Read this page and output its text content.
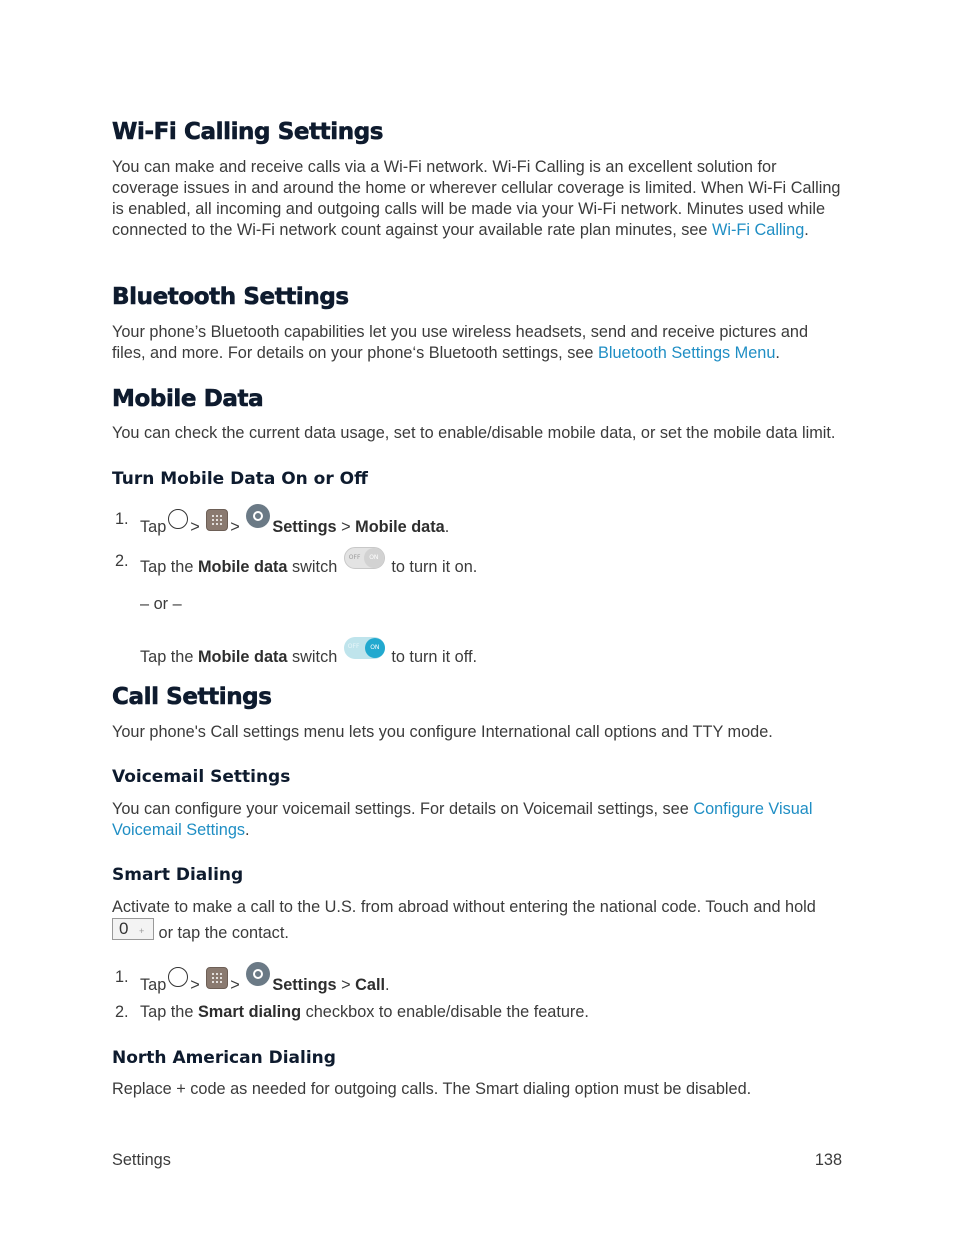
Wi-Fi Calling Settings

You can make and receive calls via a Wi-Fi network. Wi-Fi Calling is an excellent solution for coverage issues in and around the home or wherever cellular coverage is limited. When Wi-Fi Calling is enabled, all incoming and outgoing calls will be made via your Wi-Fi network. Minutes used while connected to the Wi-Fi network count against your available rate plan minutes, see Wi-Fi Calling.

Bluetooth Settings

Your phone’s Bluetooth capabilities let you use wireless headsets, send and receive pictures and files, and more. For details on your phone‘s Bluetooth settings, see Bluetooth Settings Menu.

Mobile Data

You can check the current data usage, set to enable/disable mobile data, or set the mobile data limit.

Turn Mobile Data On or Off
1. Tap > > Settings > Mobile data.
2. Tap the Mobile data switch
OFF	ON
to turn it on.

– or –

Tap the Mobile data switch
OFF	ON
to turn it off.
Call Settings

Your phone's Call settings menu lets you configure International call options and TTY mode.

Voicemail Settings

You can configure your voicemail settings. For details on Voicemail settings, see Configure Visual Voicemail Settings.

Smart Dialing

Activate to make a call to the U.S. from abroad without entering the national code. Touch and hold

0 + or tap the contact.

1. Tap > > Settings > Call.
2. Tap the Smart dialing checkbox to enable/disable the feature.
North American Dialing

Replace + code as needed for outgoing calls. The Smart dialing option must be disabled.

Settings	138
